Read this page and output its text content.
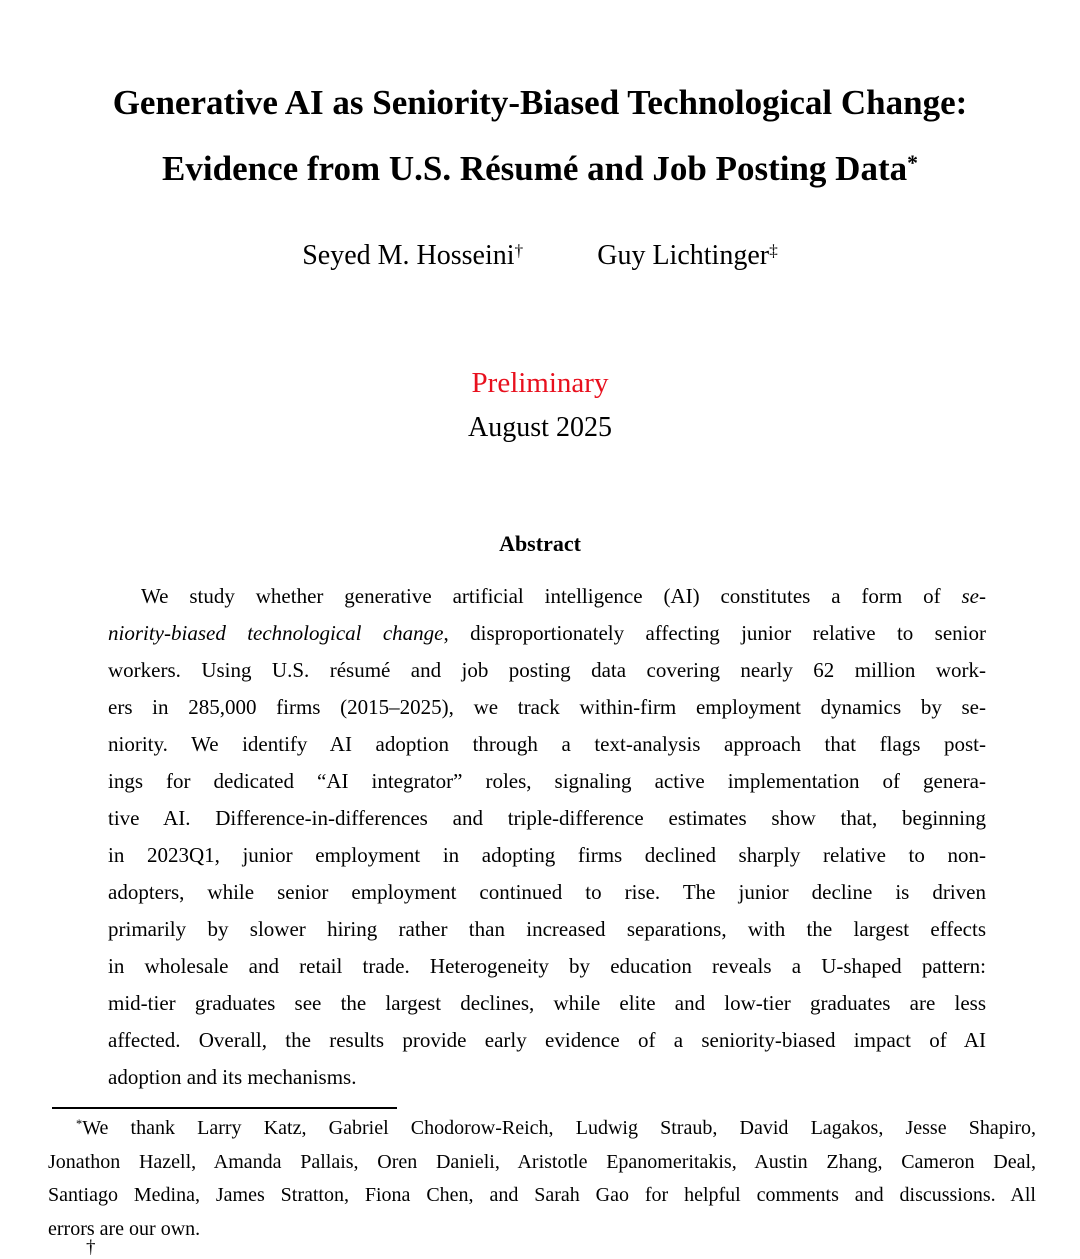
Generative AI as Seniority-Biased Technological Change:
Evidence from U.S. Résumé and Job Posting Data*
Seyed M. Hosseini†	Guy Lichtinger‡
Preliminary
August 2025
Abstract
We study whether generative artificial intelligence (AI) constitutes a form of se-
niority-biased technological change, disproportionately affecting junior relative to senior
workers. Using U.S. résumé and job posting data covering nearly 62 million work-
ers in 285,000 firms (2015–2025), we track within-firm employment dynamics by se-
niority. We identify AI adoption through a text-analysis approach that flags post-
ings for dedicated “AI integrator” roles, signaling active implementation of genera-
tive AI. Difference-in-differences and triple-difference estimates show that, beginning
in 2023Q1, junior employment in adopting firms declined sharply relative to non-
adopters, while senior employment continued to rise. The junior decline is driven
primarily by slower hiring rather than increased separations, with the largest effects
in wholesale and retail trade. Heterogeneity by education reveals a U-shaped pattern:
mid-tier graduates see the largest declines, while elite and low-tier graduates are less
affected. Overall, the results provide early evidence of a seniority-biased impact of AI
adoption and its mechanisms.
*We thank Larry Katz, Gabriel Chodorow-Reich, Ludwig Straub, David Lagakos, Jesse Shapiro,
Jonathon Hazell, Amanda Pallais, Oren Danieli, Aristotle Epanomeritakis, Austin Zhang, Cameron Deal,
Santiago Medina, James Stratton, Fiona Chen, and Sarah Gao for helpful comments and discussions. All
errors are our own.
†
